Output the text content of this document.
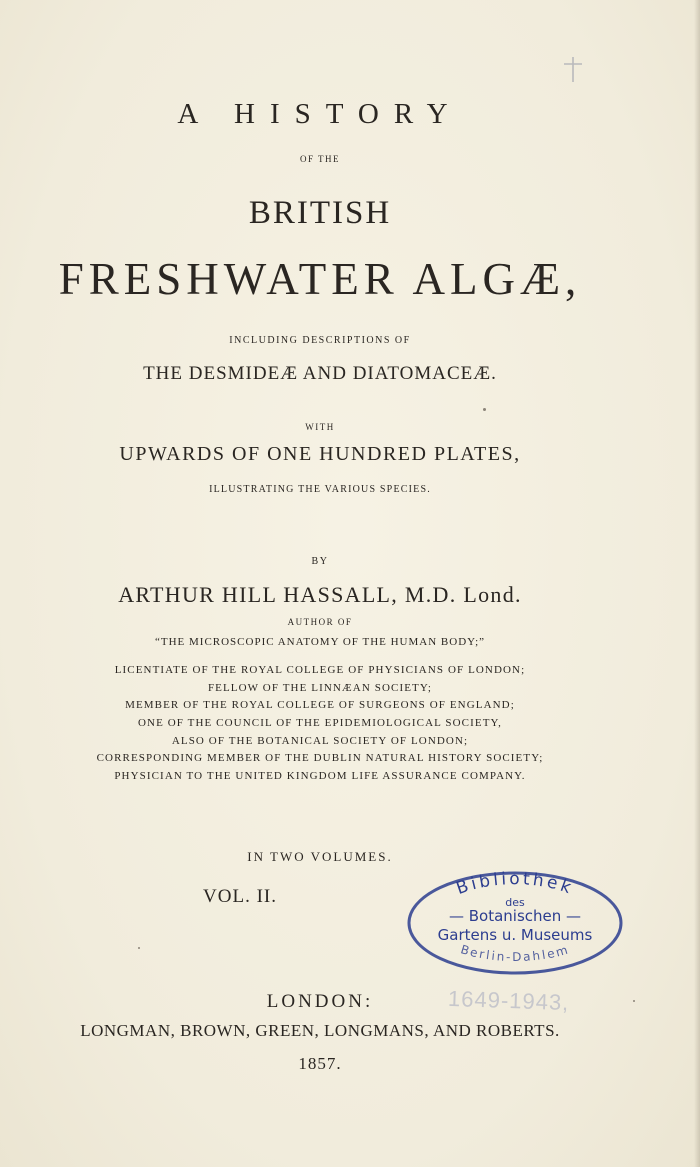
A HISTORY
OF THE
BRITISH
FRESHWATER ALGÆ,
INCLUDING DESCRIPTIONS OF
THE DESMIDEÆ AND DIATOMACEÆ.
WITH
UPWARDS OF ONE HUNDRED PLATES,
ILLUSTRATING THE VARIOUS SPECIES.
BY
ARTHUR HILL HASSALL, M.D. Lond.
AUTHOR OF
“THE MICROSCOPIC ANATOMY OF THE HUMAN BODY;”
LICENTIATE OF THE ROYAL COLLEGE OF PHYSICIANS OF LONDON;
FELLOW OF THE LINNÆAN SOCIETY;
MEMBER OF THE ROYAL COLLEGE OF SURGEONS OF ENGLAND;
ONE OF THE COUNCIL OF THE EPIDEMIOLOGICAL SOCIETY,
ALSO OF THE BOTANICAL SOCIETY OF LONDON;
CORRESPONDING MEMBER OF THE DUBLIN NATURAL HISTORY SOCIETY;
PHYSICIAN TO THE UNITED KINGDOM LIFE ASSURANCE COMPANY.
IN TWO VOLUMES.
VOL. II.	Bibliothek
des
— Botanischen —
Gartens u. Museums
Berlin-Dahlem
LONDON:	1649-1943,
LONGMAN, BROWN, GREEN, LONGMANS, AND ROBERTS.
1857.
